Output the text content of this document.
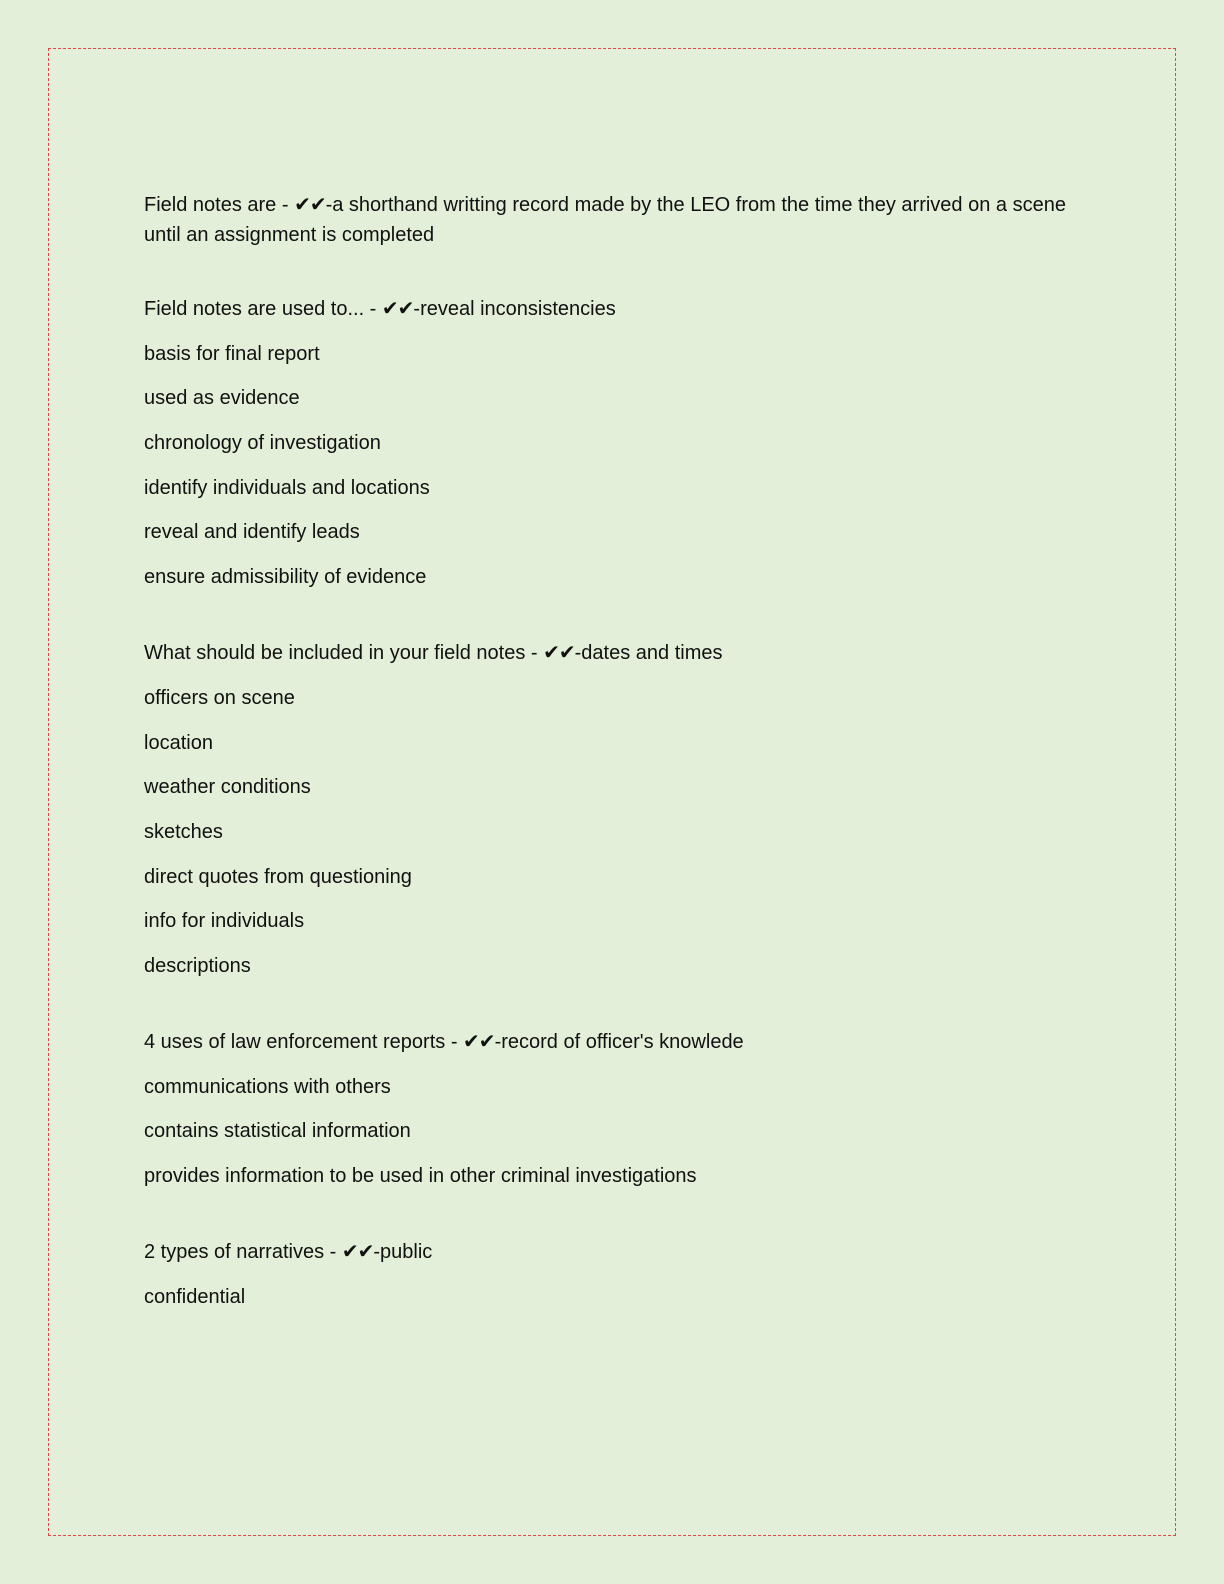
Field notes are - ✔✔-a shorthand writting record made by the LEO from the time they arrived on a scene until an assignment is completed
Field notes are used to... - ✔✔-reveal inconsistencies
basis for final report
used as evidence
chronology of investigation
identify individuals and locations
reveal and identify leads
ensure admissibility of evidence
What should be included in your field notes - ✔✔-dates and times
officers on scene
location
weather conditions
sketches
direct quotes from questioning
info for individuals
descriptions
4 uses of law enforcement reports - ✔✔-record of officer's knowlede
communications with others
contains statistical information
provides information to be used in other criminal investigations
2 types of narratives - ✔✔-public
confidential
